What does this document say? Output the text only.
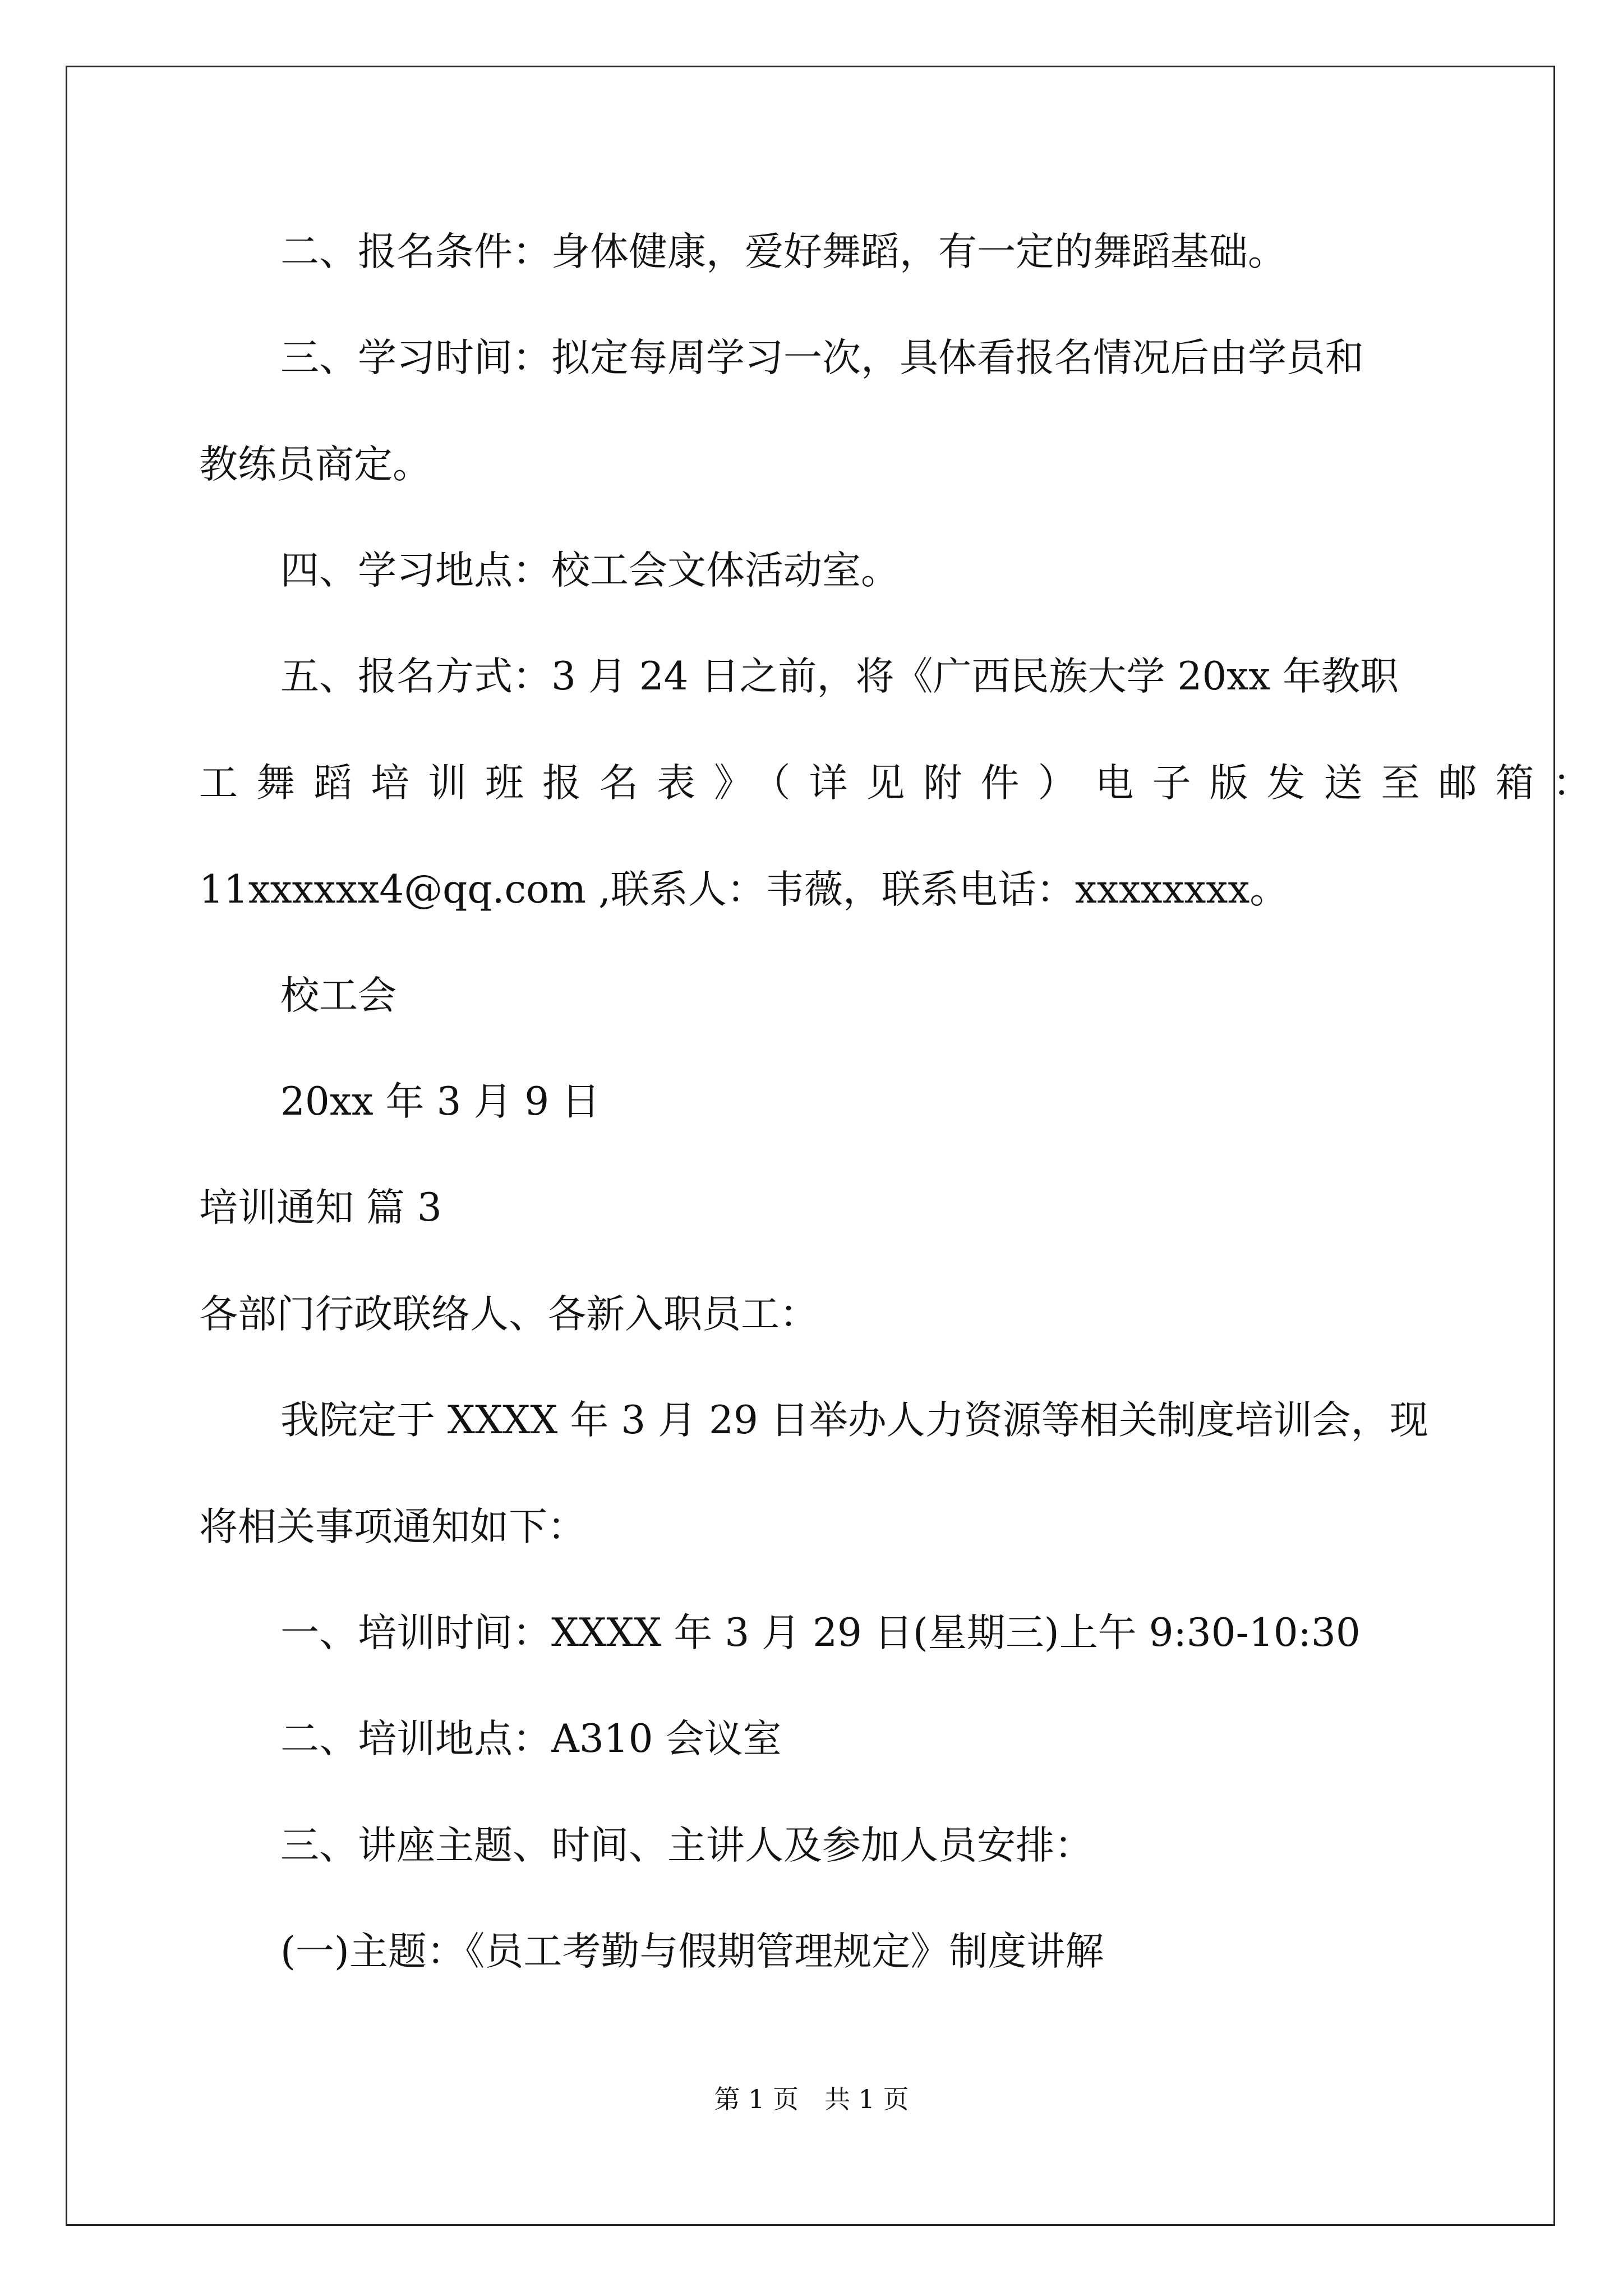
二、报名条件：身体健康，爱好舞蹈，有一定的舞蹈基础。
三、学习时间：拟定每周学习一次，具体看报名情况后由学员和
教练员商定。
四、学习地点：校工会文体活动室。
五、报名方式：3 月 24 日之前，将《广西民族大学 20xx 年教职
工舞蹈培训班报名表》（详见附件）电子版发送至邮箱：
11xxxxxx4@qq.com ,联系人：韦薇，联系电话：xxxxxxxx。
校工会
20xx 年 3 月 9 日
培训通知 篇 3
各部门行政联络人、各新入职员工：
我院定于 XXXX 年 3 月 29 日举办人力资源等相关制度培训会，现
将相关事项通知如下：
一、培训时间：XXXX 年 3 月 29 日(星期三)上午 9:30-10:30
二、培训地点：A310 会议室
三、讲座主题、时间、主讲人及参加人员安排：
(一)主题：《员工考勤与假期管理规定》制度讲解
第 1 页　共 1 页
